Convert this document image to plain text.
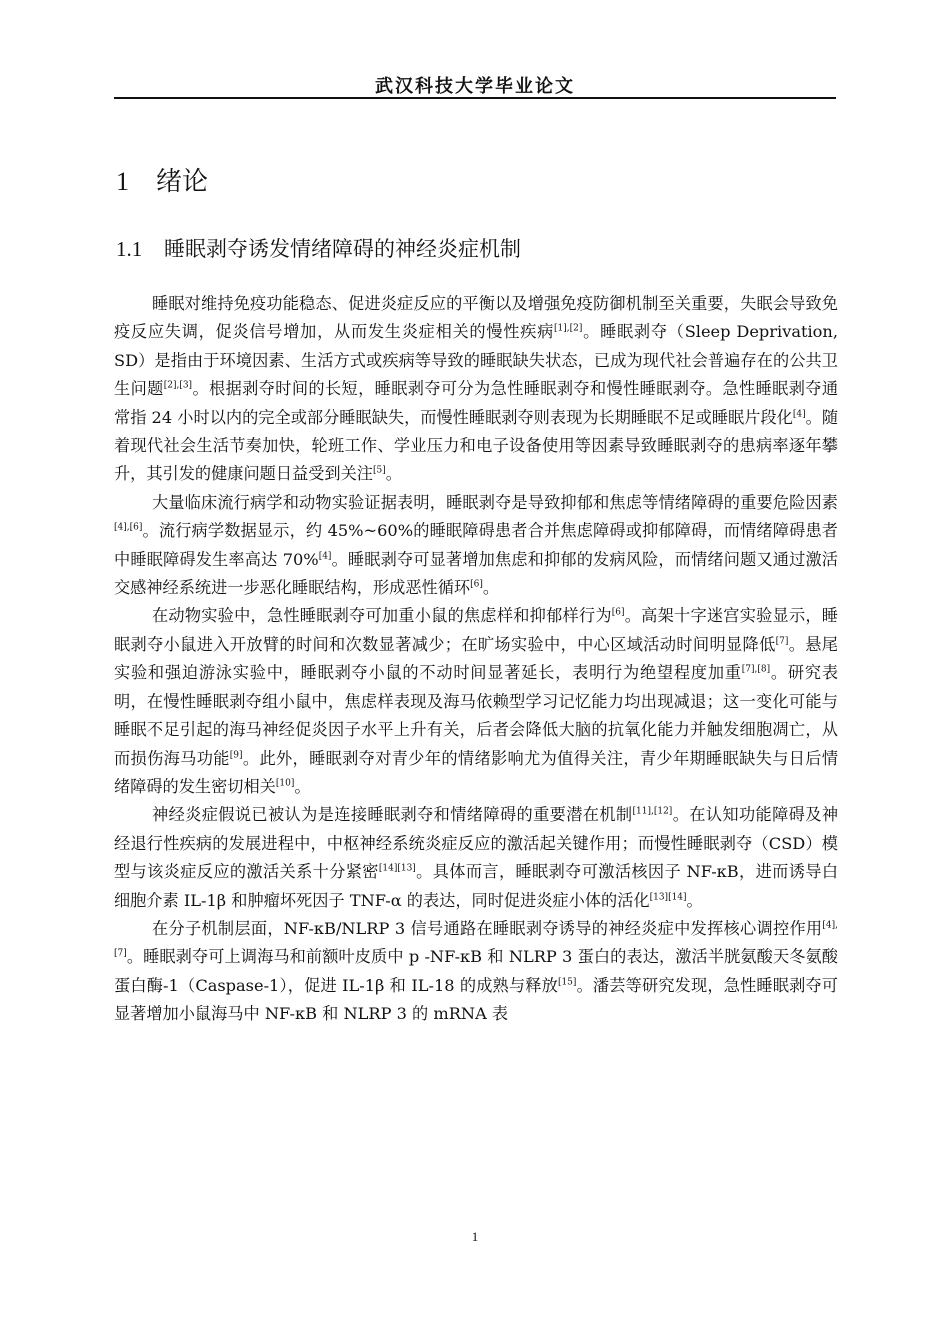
武汉科技大学毕业论文
1 绪论
1.1 睡眠剥夺诱发情绪障碍的神经炎症机制

睡眠对维持免疫功能稳态、促进炎症反应的平衡以及增强免疫防御机制至关重要，失眠会导致免疫反应失调，促炎信号增加，从而发生炎症相关的慢性疾病[1],[2]。睡眠剥夺（Sleep Deprivation, SD）是指由于环境因素、生活方式或疾病等导致的睡眠缺失状态，已成为现代社会普遍存在的公共卫生问题[2],[3]。根据剥夺时间的长短，睡眠剥夺可分为急性睡眠剥夺和慢性睡眠剥夺。急性睡眠剥夺通常指 24 小时以内的完全或部分睡眠缺失，而慢性睡眠剥夺则表现为长期睡眠不足或睡眠片段化[4]。随着现代社会生活节奏加快，轮班工作、学业压力和电子设备使用等因素导致睡眠剥夺的患病率逐年攀升，其引发的健康问题日益受到关注[5]。

大量临床流行病学和动物实验证据表明，睡眠剥夺是导致抑郁和焦虑等情绪障碍的重要危险因素[4],[6]。流行病学数据显示，约 45%~60%的睡眠障碍患者合并焦虑障碍或抑郁障碍，而情绪障碍患者中睡眠障碍发生率高达 70%[4]。睡眠剥夺可显著增加焦虑和抑郁的发病风险，而情绪问题又通过激活交感神经系统进一步恶化睡眠结构，形成恶性循环[6]。

在动物实验中，急性睡眠剥夺可加重小鼠的焦虑样和抑郁样行为[6]。高架十字迷宫实验显示，睡眠剥夺小鼠进入开放臂的时间和次数显著减少；在旷场实验中，中心区域活动时间明显降低[7]。悬尾实验和强迫游泳实验中，睡眠剥夺小鼠的不动时间显著延长，表明行为绝望程度加重[7],[8]。研究表明，在慢性睡眠剥夺组小鼠中，焦虑样表现及海马依赖型学习记忆能力均出现减退；这一变化可能与睡眠不足引起的海马神经促炎因子水平上升有关，后者会降低大脑的抗氧化能力并触发细胞凋亡，从而损伤海马功能[9]。此外，睡眠剥夺对青少年的情绪影响尤为值得关注，青少年期睡眠缺失与日后情绪障碍的发生密切相关[10]。

神经炎症假说已被认为是连接睡眠剥夺和情绪障碍的重要潜在机制[11],[12]。在认知功能障碍及神经退行性疾病的发展进程中，中枢神经系统炎症反应的激活起关键作用；而慢性睡眠剥夺（CSD）模型与该炎症反应的激活关系十分紧密[14][13]。具体而言，睡眠剥夺可激活核因子 NF-κB，进而诱导白细胞介素 IL-1β 和肿瘤坏死因子 TNF-α 的表达，同时促进炎症小体的活化[13][14]。

在分子机制层面，NF-κB/NLRP 3 信号通路在睡眠剥夺诱导的神经炎症中发挥核心调控作用[4],[7]。睡眠剥夺可上调海马和前额叶皮质中 p -NF-κB 和 NLRP 3 蛋白的表达，激活半胱氨酸天冬氨酸蛋白酶-1（Caspase-1），促进 IL-1β 和 IL-18 的成熟与释放[15]。潘芸等研究发现，急性睡眠剥夺可显著增加小鼠海马中 NF-κB 和 NLRP 3 的 mRNA 表

1
